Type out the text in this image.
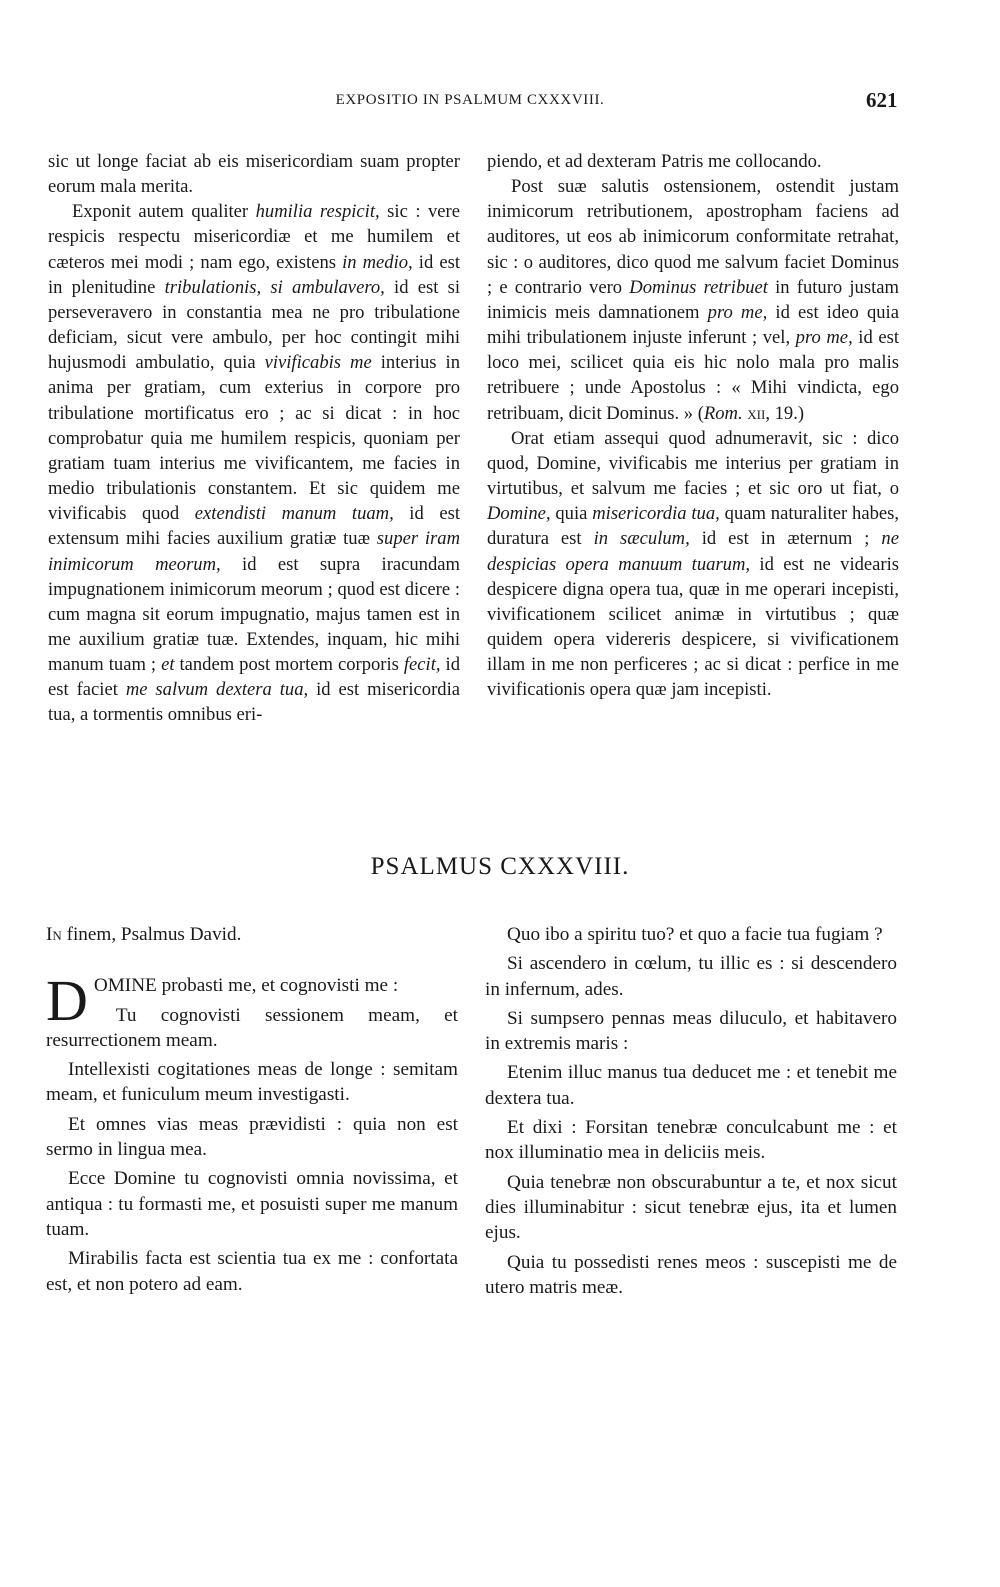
EXPOSITIO IN PSALMUM CXXXVIII.	621

sic ut longe faciat ab eis misericordiam suam propter eorum mala merita.

Exponit autem qualiter humilia respicit, sic : vere respicis respectu misericordiæ et me humilem et cæteros mei modi ; nam ego, existens in medio, id est in plenitudine tribulationis, si ambulavero, id est si perseveravero in constantia mea ne pro tribulatione deficiam, sicut vere ambulo, per hoc contingit mihi hujusmodi ambulatio, quia vivificabis me interius in anima per gratiam, cum exterius in corpore pro tribulatione mortificatus ero ; ac si dicat : in hoc comprobatur quia me humilem respicis, quoniam per gratiam tuam interius me vivificantem, me facies in medio tribulationis constantem. Et sic quidem me vivificabis quod extendisti manum tuam, id est extensum mihi facies auxilium gratiæ tuæ super iram inimicorum meorum, id est supra iracundam impugnationem inimicorum meorum ; quod est dicere : cum magna sit eorum impugnatio, majus tamen est in me auxilium gratiæ tuæ. Extendes, inquam, hic mihi manum tuam ; et tandem post mortem corporis fecit, id est faciet me salvum dextera tua, id est misericordia tua, a tormentis omnibus eri-

piendo, et ad dexteram Patris me collocando.

Post suæ salutis ostensionem, ostendit justam inimicorum retributionem, apostropham faciens ad auditores, ut eos ab inimicorum conformitate retrahat, sic : o auditores, dico quod me salvum faciet Dominus ; e contrario vero Dominus retribuet in futuro justam inimicis meis damnationem pro me, id est ideo quia mihi tribulationem injuste inferunt ; vel, pro me, id est loco mei, scilicet quia eis hic nolo mala pro malis retribuere ; unde Apostolus : « Mihi vindicta, ego retribuam, dicit Dominus. » (Rom. xii, 19.)

Orat etiam assequi quod adnumeravit, sic : dico quod, Domine, vivificabis me interius per gratiam in virtutibus, et salvum me facies ; et sic oro ut fiat, o Domine, quia misericordia tua, quam naturaliter habes, duratura est in sæculum, id est in æternum ; ne despicias opera manuum tuarum, id est ne videaris despicere digna opera tua, quæ in me operari incepisti, vivificationem scilicet animæ in virtutibus ; quæ quidem opera videreris despicere, si vivificationem illam in me non perficeres ; ac si dicat : perfice in me vivificationis opera quæ jam incepisti.

PSALMUS CXXXVIII.

In finem, Psalmus David.

DOMINE probasti me, et cognovisti me :

Tu cognovisti sessionem meam, et resurrectionem meam.

Intellexisti cogitationes meas de longe : semitam meam, et funiculum meum investigasti.

Et omnes vias meas prævidisti : quia non est sermo in lingua mea.

Ecce Domine tu cognovisti omnia novissima, et antiqua : tu formasti me, et posuisti super me manum tuam.

Mirabilis facta est scientia tua ex me : confortata est, et non potero ad eam.

Quo ibo a spiritu tuo? et quo a facie tua fugiam ?

Si ascendero in cœlum, tu illic es : si descendero in infernum, ades.

Si sumpsero pennas meas diluculo, et habitavero in extremis maris :

Etenim illuc manus tua deducet me : et tenebit me dextera tua.

Et dixi : Forsitan tenebræ conculcabunt me : et nox illuminatio mea in deliciis meis.

Quia tenebræ non obscurabuntur a te, et nox sicut dies illuminabitur : sicut tenebræ ejus, ita et lumen ejus.

Quia tu possedisti renes meos : suscepisti me de utero matris meæ.
